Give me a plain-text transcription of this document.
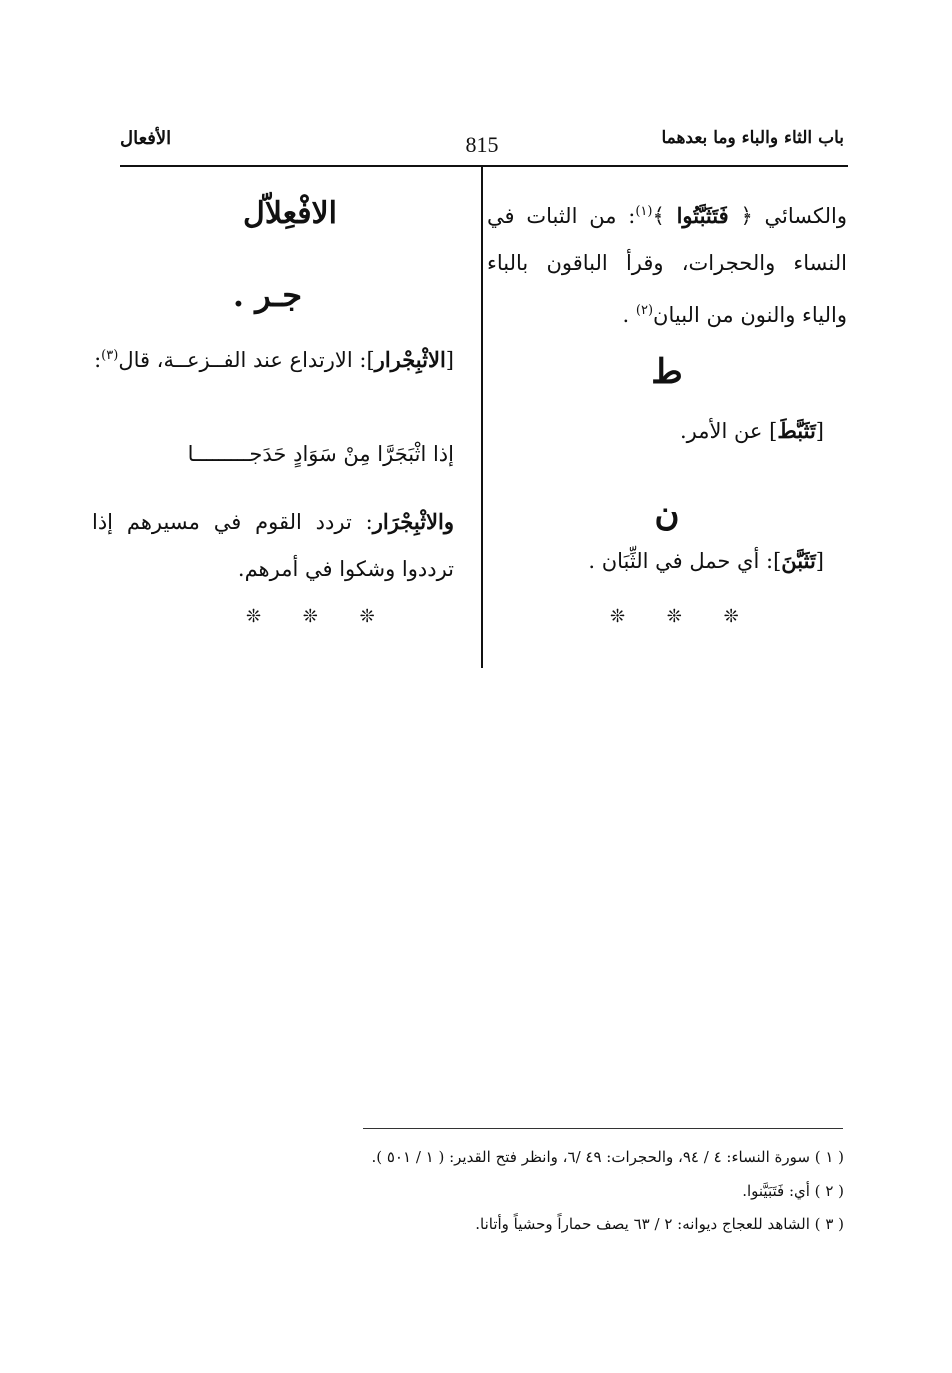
باب الثاء والباء وما بعدهما
815
الأفعال
والكسائي ﴿ فَتَثَبَّتُوا ﴾$^{(١)}$: من الثبات في النساء والحجرات، وقرأ الباقون بالباء والياء والنون من البيان$^{(٢)}$ .
ط
[تَثَبَّطَ] عن الأمر.
ن
[تَثَبَّنَ]: أي حمل في الثِّبَان .
❊ ❊ ❊
الافْعِلاّل
جـر .
[الاثْبِجْرار]: الارتداع عند الفــزعــة، قال$^{(٣)}$:
إذا اثْبَجَرَّا مِنْ سَوَادٍ حَدَجـــــــــا
والاثْبِجْرَار: تردد القوم في مسيرهم إذا ترددوا وشكوا في أمرهم.
❊ ❊ ❊
( ١ ) سورة النساء: ٤ / ٩٤، والحجرات: ٤٩ /٦، وانظر فتح القدير: ( ١ / ٥٠١ ).
( ٢ ) أي: فَتَبَيَّنوا.
( ٣ ) الشاهد للعجاج ديوانه: ٢ / ٦٣ يصف حماراً وحشياً وأتانا.
